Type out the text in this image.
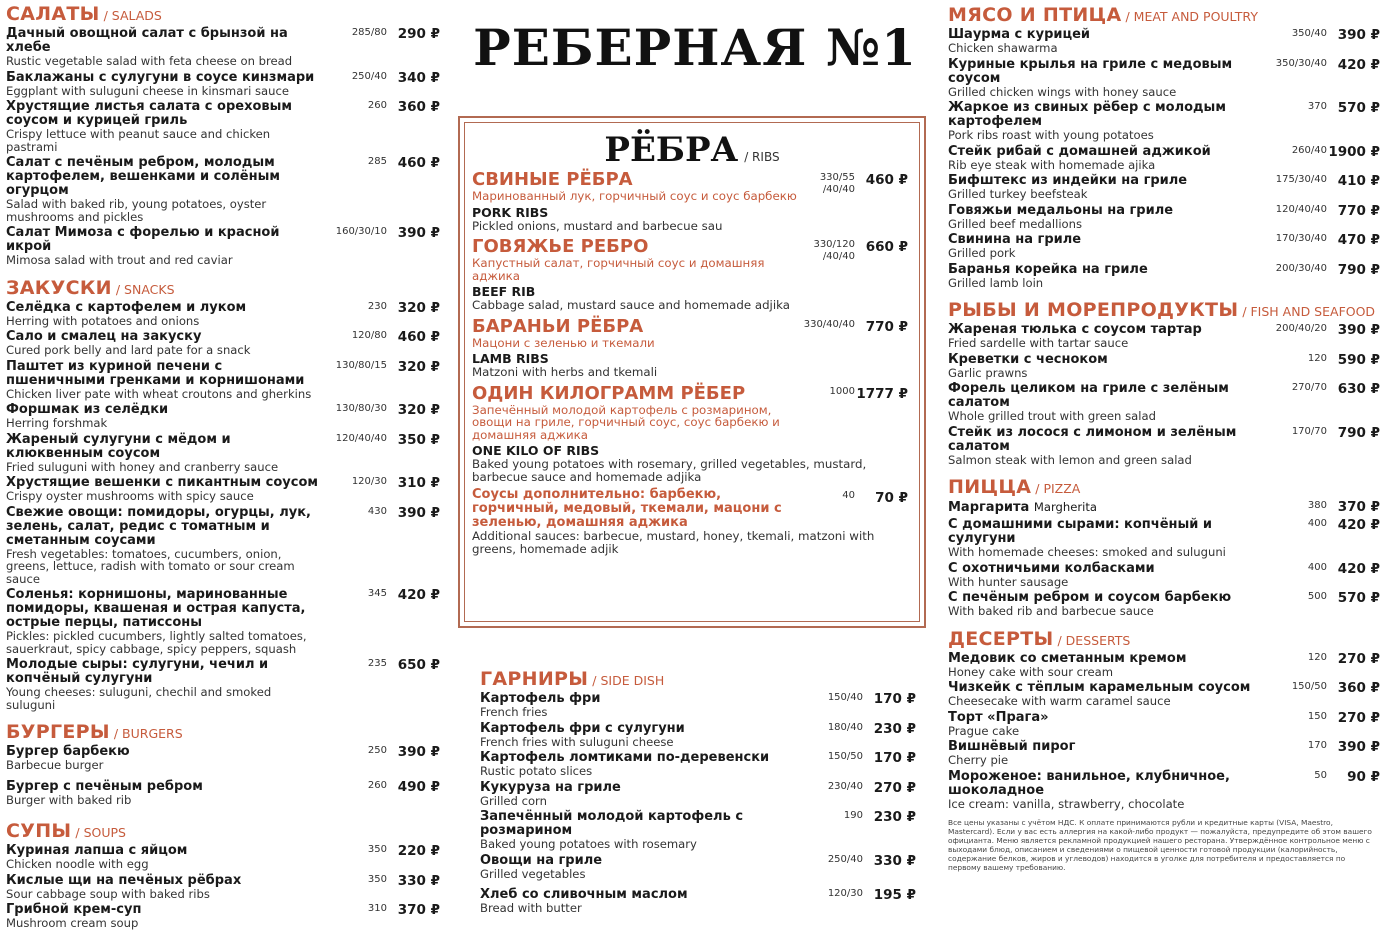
САЛАТЫ / SALADS
Дачный овощной салат с брынзой на хлебе
Rustic vegetable salad with feta cheese on bread
285/80 290 ₽
Баклажаны с сулугуни в соусе кинзмари
Eggplant with suluguni cheese in kinsmari sauce
250/40 340 ₽
Хрустящие листья салата с ореховым соусом и курицей гриль
Crispy lettuce with peanut sauce and chicken pastrami
260 360 ₽
Салат с печёным ребром, молодым картофелем, вешенками и солёным огурцом
Salad with baked rib, young potatoes, oyster mushrooms and pickles
285 460 ₽
Салат Мимоза с форелью и красной икрой
Mimosa salad with trout and red caviar
160/30/10 390 ₽
ЗАКУСКИ / SNACKS
Селёдка с картофелем и луком
Herring with potatoes and onions
230 320 ₽
Сало и смалец на закуску
Cured pork belly and lard pate for a snack
120/80 460 ₽
Паштет из куриной печени с пшеничными гренками и корнишонами
Chicken liver pate with wheat croutons and gherkins
130/80/15 320 ₽
Форшмак из селёдки
Herring forshmak
130/80/30 320 ₽
Жареный сулугуни с мёдом и клюквенным соусом
Fried suluguni with honey and cranberry sauce
120/40/40 350 ₽
Хрустящие вешенки с пикантным соусом
Crispy oyster mushrooms with spicy sauce
120/30 310 ₽
Свежие овощи: помидоры, огурцы, лук, зелень, салат, редис с томатным и сметанным соусами
Fresh vegetables: tomatoes, cucumbers, onion, greens, lettuce, radish with tomato or sour cream sauce
430 390 ₽
Соленья: корнишоны, маринованные помидоры, квашеная и острая капуста, острые перцы, патиссоны
Pickles: pickled cucumbers, lightly salted tomatoes, sauerkraut, spicy cabbage, spicy peppers, squash
345 420 ₽
Молодые сыры: сулугуни, чечил и копчёный сулугуни
Young cheeses: suluguni, chechil and smoked suluguni
235 650 ₽
БУРГЕРЫ / BURGERS
Бургер барбекю
Barbecue burger
250 390 ₽
Бургер с печёным ребром
Burger with baked rib
260 490 ₽
СУПЫ / SOUPS
Куриная лапша с яйцом
Chicken noodle with egg
350 220 ₽
Кислые щи на печёных рёбрах
Sour cabbage soup with baked ribs
350 330 ₽
Грибной крем-суп
Mushroom cream soup
310 370 ₽
РЕБЕРНАЯ №1
РЁБРА / RIBS
СВИНЫЕ РЁБРА
Маринованный лук, горчичный соус и соус барбекю
PORK RIBS
Pickled onions, mustard and barbecue sau
330/55 /40/40
460 ₽
ГОВЯЖЬЕ РЕБРО
Капустный салат, горчичный соус и домашняя аджика
BEEF RIB
Cabbage salad, mustard sauce and homemade adjika
330/120 /40/40
660 ₽
БАРАНЬИ РЁБРА
Мацони с зеленью и ткемали
LAMB RIBS
Matzoni with herbs and tkemali
330/40/40 770 ₽
ОДИН КИЛОГРАММ РЁБЕР
Запечённый молодой картофель с розмарином, овощи на гриле, горчичный соус, соус барбекю и домашняя аджика
ONE KILO OF RIBS
Baked young potatoes with rosemary, grilled vegetables, mustard, barbecue sauce and homemade adjika
1000 1777 ₽
Соусы дополнительно: барбекю, горчичный, медовый, ткемали, мацони с зеленью, домашняя аджика
Additional sauces: barbecue, mustard, honey, tkemali, matzoni with greens, homemade adjik
40 70 ₽
ГАРНИРЫ / SIDE DISH
Картофель фри
French fries
150/40 170 ₽
Картофель фри с сулугуни
French fries with suluguni cheese
180/40 230 ₽
Картофель ломтиками по-деревенски
Rustic potato slices
150/50 170 ₽
Кукуруза на гриле
Grilled corn
230/40 270 ₽
Запечённый молодой картофель с розмарином
Baked young potatoes with rosemary
190 230 ₽
Овощи на гриле
Grilled vegetables
250/40 330 ₽
Хлеб со сливочным маслом
Bread with butter
120/30 195 ₽
МЯСО И ПТИЦА / MEAT AND POULTRY
Шаурма с курицей
Chicken shawarma
350/40 390 ₽
Куриные крылья на гриле с медовым соусом
Grilled chicken wings with honey sauce
350/30/40 420 ₽
Жаркое из свиных рёбер с молодым картофелем
Pork ribs roast with young potatoes
370 570 ₽
Стейк рибай с домашней аджикой
Rib eye steak with homemade ajika
260/40 1900 ₽
Бифштекс из индейки на гриле
Grilled turkey beefsteak
175/30/40 410 ₽
Говяжьи медальоны на гриле
Grilled beef medallions
120/40/40 770 ₽
Свинина на гриле
Grilled pork
170/30/40 470 ₽
Баранья корейка на гриле
Grilled lamb loin
200/30/40 790 ₽
РЫБЫ И МОРЕПРОДУКТЫ / FISH AND SEAFOOD
Жареная тюлька с соусом тартар
Fried sardelle with tartar sauce
200/40/20 390 ₽
Креветки с чесноком
Garlic prawns
120 590 ₽
Форель целиком на гриле с зелёным салатом
Whole grilled trout with green salad
270/70 630 ₽
Стейк из лосося с лимоном и зелёным салатом
Salmon steak with lemon and green salad
170/70 790 ₽
ПИЦЦА / PIZZA
Маргарита Margherita	380 370 ₽
С домашними сырами: копчёный и сулугуни
With homemade cheeses: smoked and suluguni
400 420 ₽
С охотничьими колбасками
With hunter sausage
400 420 ₽
С печёным ребром и соусом барбекю
With baked rib and barbecue sauce
500 570 ₽
ДЕСЕРТЫ / DESSERTS
Медовик со сметанным кремом
Honey cake with sour cream
120 270 ₽
Чизкейк с тёплым карамельным соусом
Cheesecake with warm caramel sauce
150/50 360 ₽
Торт «Прага»
Prague cake
150 270 ₽
Вишнёвый пирог
Cherry pie
170 390 ₽
Мороженое: ванильное, клубничное, шоколадное
Ice cream: vanilla, strawberry, chocolate
50 90 ₽
Все цены указаны с учётом НДС. К оплате принимаются рубли и кредитные карты (VISA, Maestro, Mastercard). Если у вас есть аллергия на какой-либо продукт — пожалуйста, предупредите об этом вашего официанта. Меню является рекламной продукцией нашего ресторана. Утверждённое контрольное меню с выходами блюд, описанием и сведениями о пищевой ценности готовой продукции (калорийность, содержание белков, жиров и углеводов) находится в уголке для потребителя и предоставляется по первому вашему требованию.
